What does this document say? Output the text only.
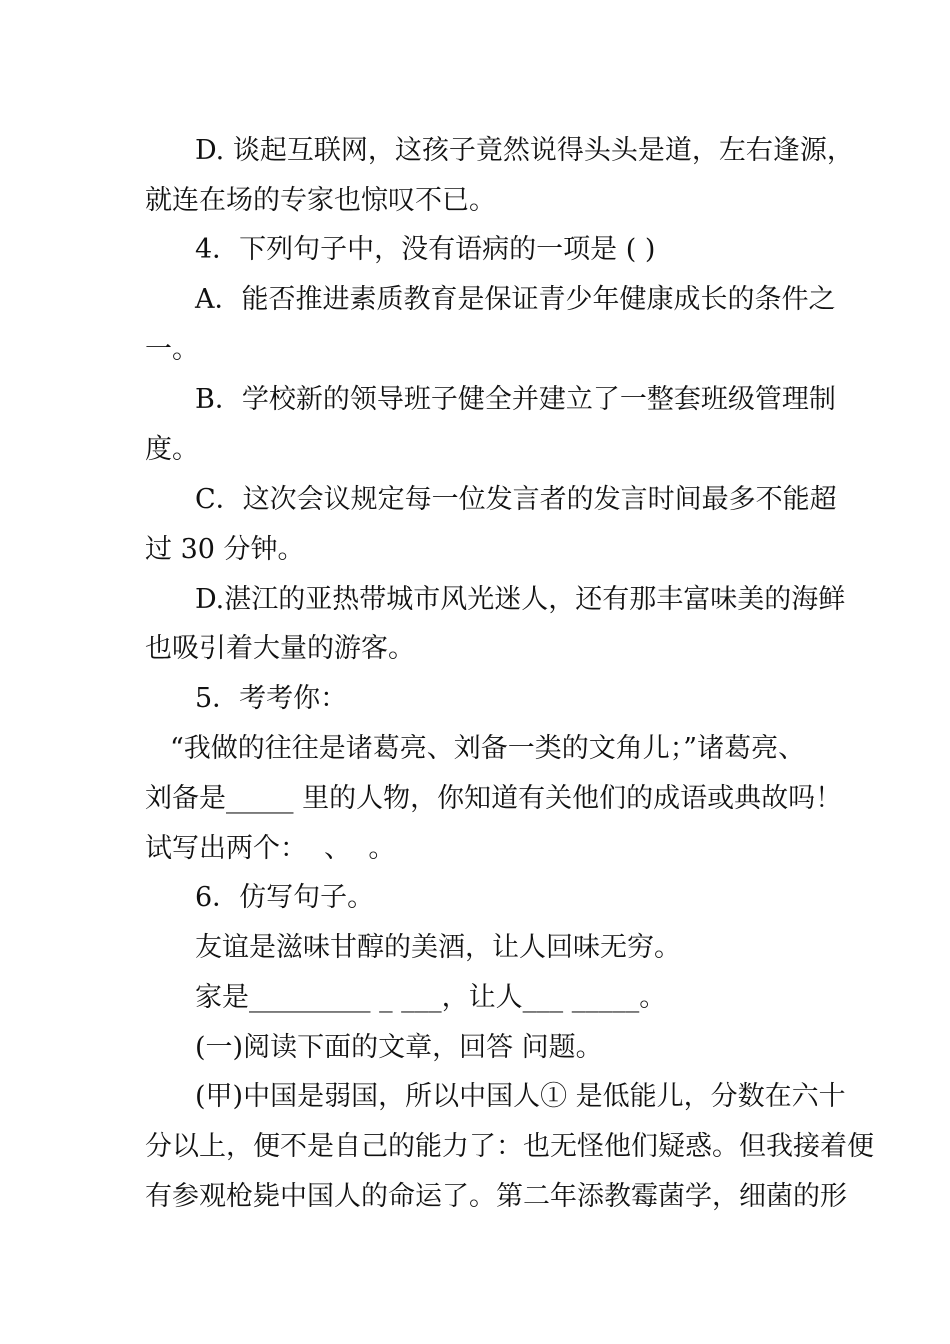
D. 谈起互联网，这孩子竟然说得头头是道，左右逢源，

就连在场的专家也惊叹不已。

4．下列句子中，没有语病的一项是 ( )

A．能否推进素质教育是保证青少年健康成长的条件之

一。

B．学校新的领导班子健全并建立了一整套班级管理制

度。

C．这次会议规定每一位发言者的发言时间最多不能超

过 30 分钟。

D.湛江的亚热带城市风光迷人，还有那丰富味美的海鲜

也吸引着大量的游客。

5．考考你：

“我做的往往是诸葛亮、刘备一类的文角儿；”诸葛亮、

刘备是_____ 里的人物，你知道有关他们的成语或典故吗！

试写出两个：  、  。

6．仿写句子。

友谊是滋味甘醇的美酒，让人回味无穷。

家是_________ _ ___，让人___ _____。

(一)阅读下面的文章，回答 问题。

(甲)中国是弱国，所以中国人① 是低能儿，分数在六十

分以上，便不是自己的能力了：也无怪他们疑惑。但我接着便

有参观枪毙中国人的命运了。第二年添教霉菌学，细菌的形
